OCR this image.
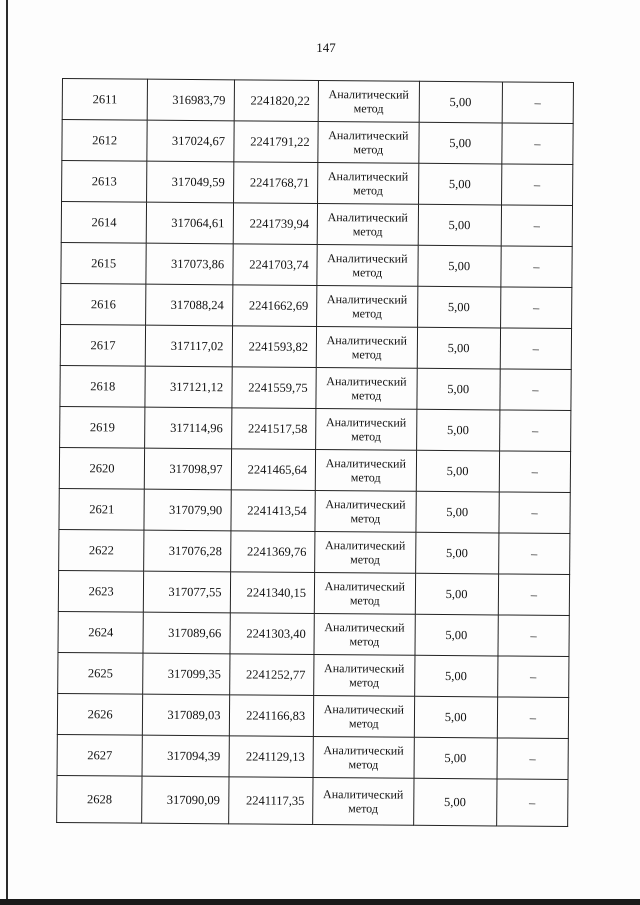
147
2611	316983,79	2241820,22	Аналитический метод	5,00	–
2612	317024,67	2241791,22	Аналитический метод	5,00	–
2613	317049,59	2241768,71	Аналитический метод	5,00	–
2614	317064,61	2241739,94	Аналитический метод	5,00	–
2615	317073,86	2241703,74	Аналитический метод	5,00	–
2616	317088,24	2241662,69	Аналитический метод	5,00	–
2617	317117,02	2241593,82	Аналитический метод	5,00	–
2618	317121,12	2241559,75	Аналитический метод	5,00	–
2619	317114,96	2241517,58	Аналитический метод	5,00	–
2620	317098,97	2241465,64	Аналитический метод	5,00	–
2621	317079,90	2241413,54	Аналитический метод	5,00	–
2622	317076,28	2241369,76	Аналитический метод	5,00	–
2623	317077,55	2241340,15	Аналитический метод	5,00	–
2624	317089,66	2241303,40	Аналитический метод	5,00	–
2625	317099,35	2241252,77	Аналитический метод	5,00	–
2626	317089,03	2241166,83	Аналитический метод	5,00	–
2627	317094,39	2241129,13	Аналитический метод	5,00	–
2628	317090,09	2241117,35	Аналитический метод	5,00	–
